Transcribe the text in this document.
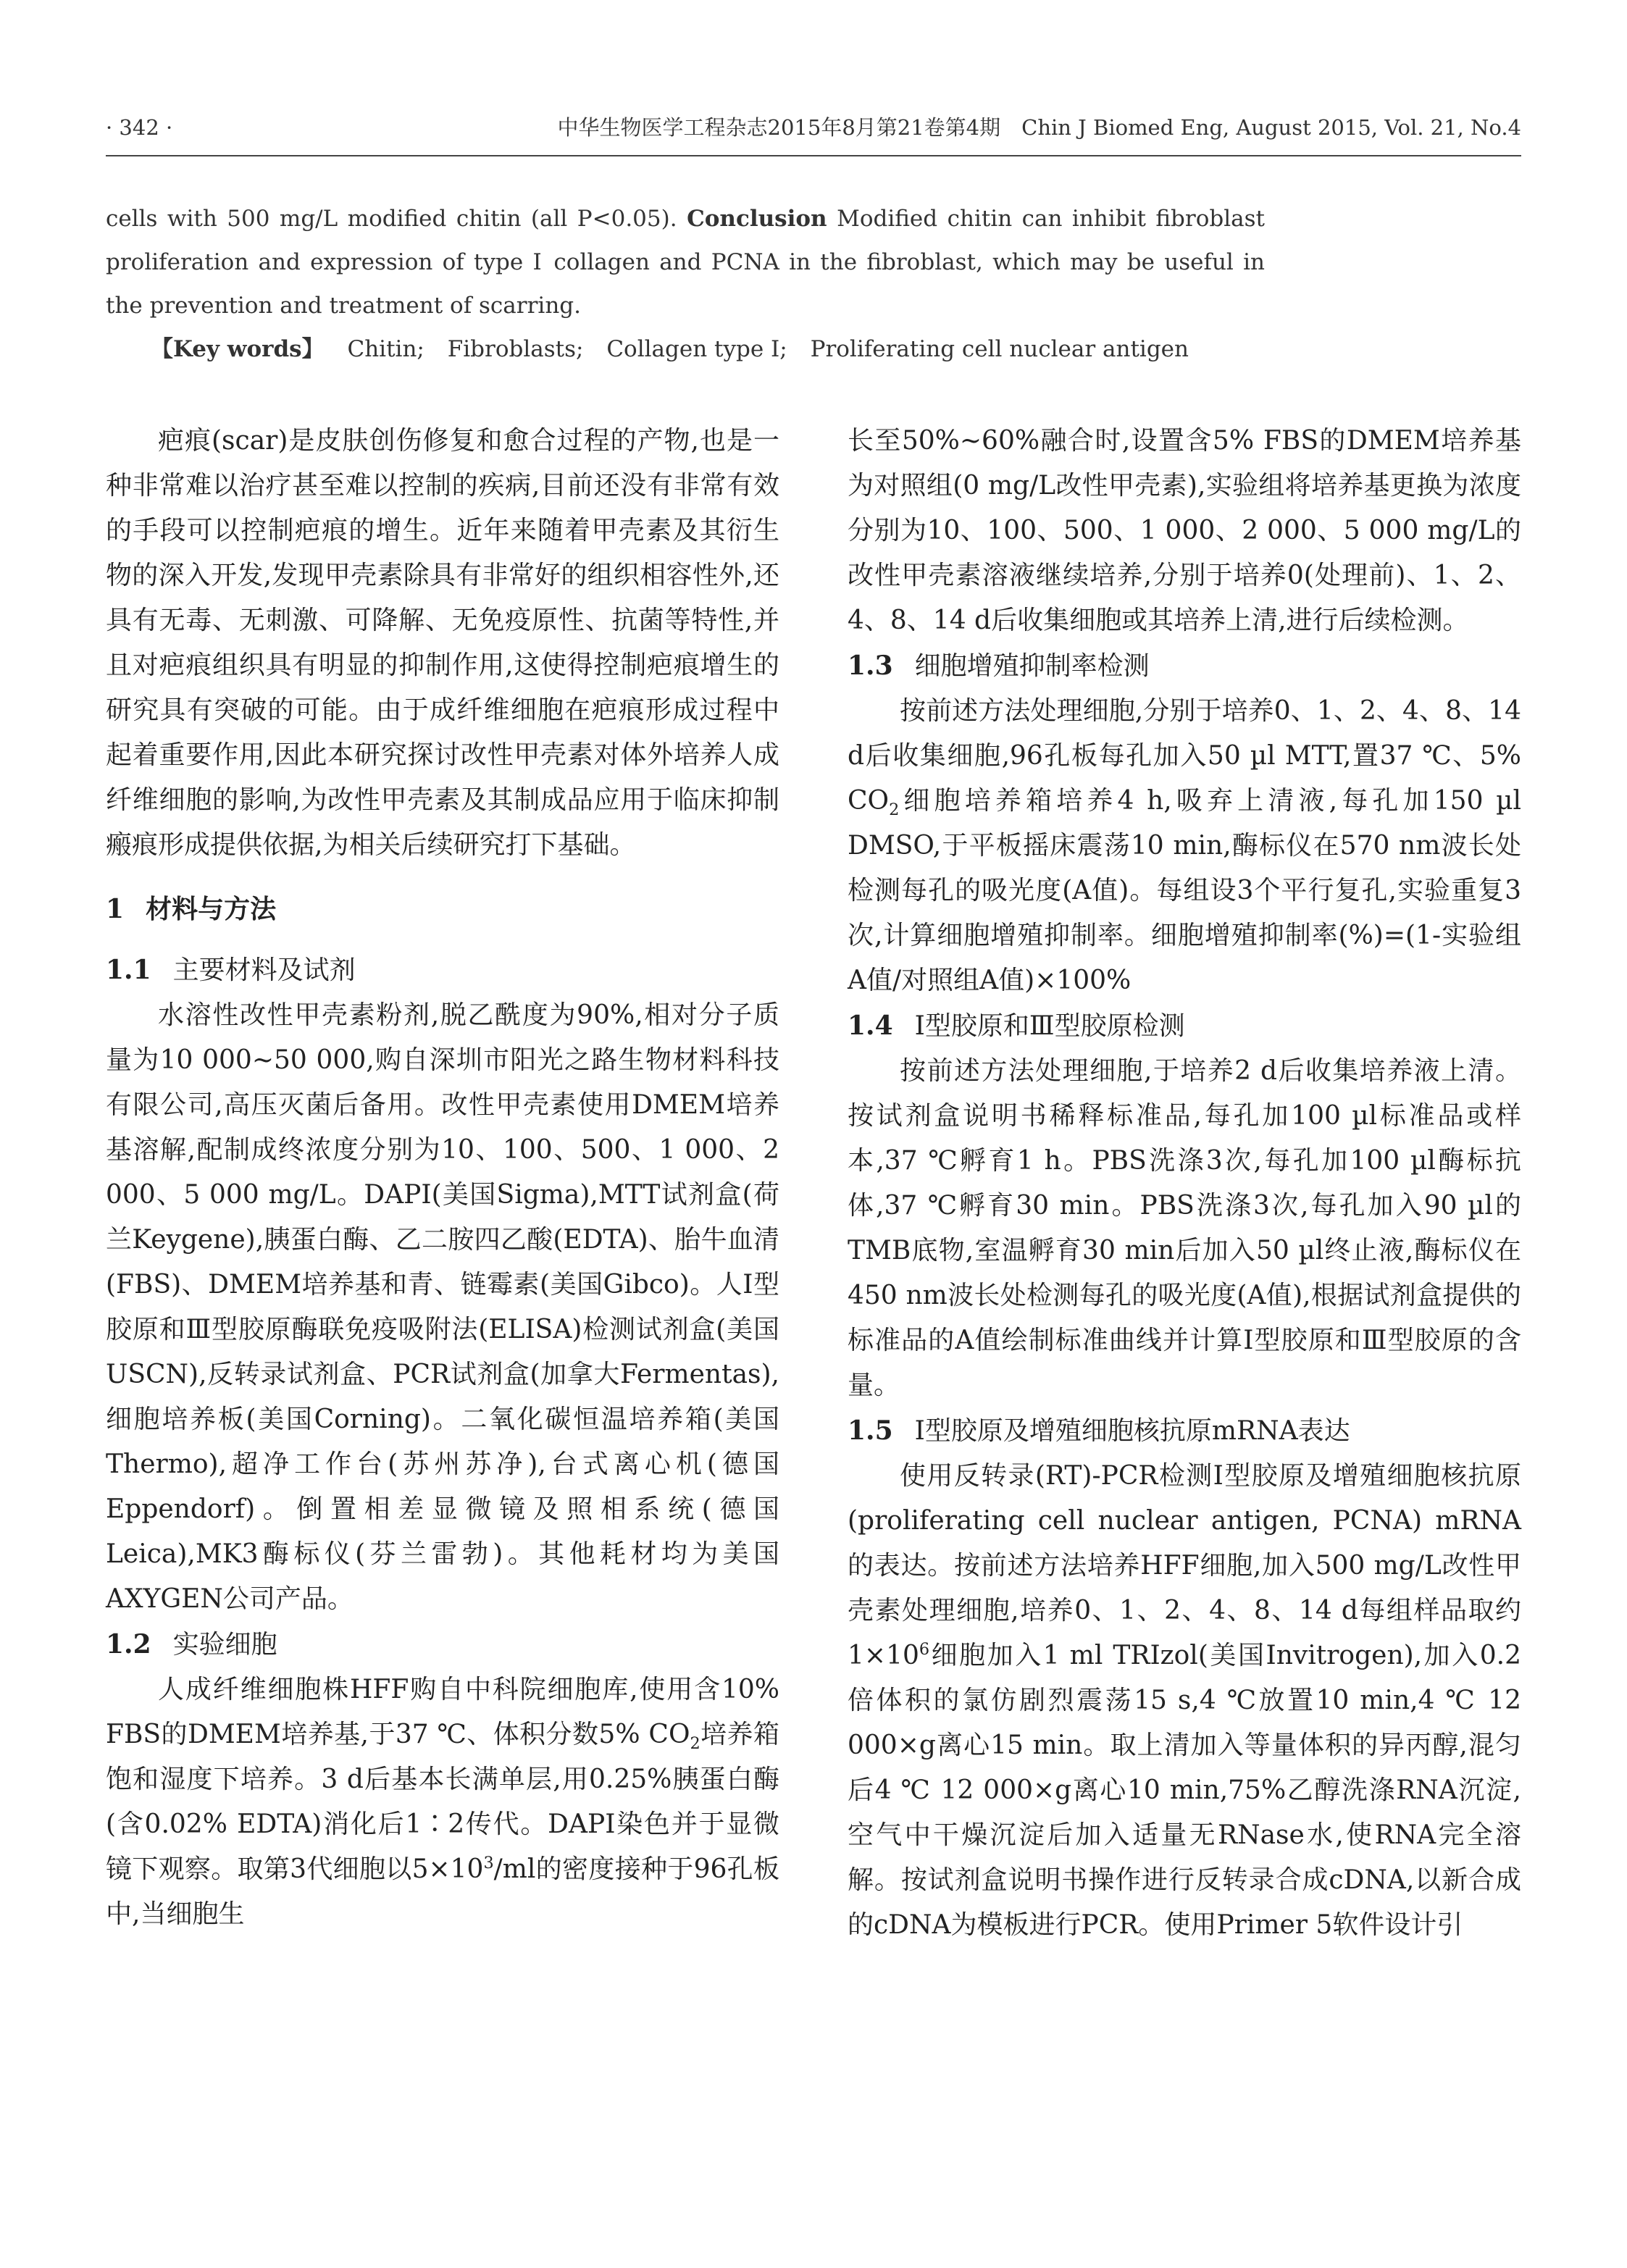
· 342 ·	中华生物医学工程杂志2015年8月第21卷第4期　Chin J Biomed Eng, August 2015, Vol. 21, No.4

cells with 500 mg/L modified chitin (all P<0.05). Conclusion Modified chitin can inhibit fibroblast proliferation and expression of type Ⅰ collagen and PCNA in the fibroblast, which may be useful in the prevention and treatment of scarring.

【Key words】 Chitin; Fibroblasts; Collagen type Ⅰ; Proliferating cell nuclear antigen

疤痕(scar)是皮肤创伤修复和愈合过程的产物,也是一种非常难以治疗甚至难以控制的疾病,目前还没有非常有效的手段可以控制疤痕的增生。近年来随着甲壳素及其衍生物的深入开发,发现甲壳素除具有非常好的组织相容性外,还具有无毒、无刺激、可降解、无免疫原性、抗菌等特性,并且对疤痕组织具有明显的抑制作用,这使得控制疤痕增生的研究具有突破的可能。由于成纤维细胞在疤痕形成过程中起着重要作用,因此本研究探讨改性甲壳素对体外培养人成纤维细胞的影响,为改性甲壳素及其制成品应用于临床抑制瘢痕形成提供依据,为相关后续研究打下基础。

1 材料与方法
1.1 主要材料及试剂

水溶性改性甲壳素粉剂,脱乙酰度为90%,相对分子质量为10 000~50 000,购自深圳市阳光之路生物材料科技有限公司,高压灭菌后备用。改性甲壳素使用DMEM培养基溶解,配制成终浓度分别为10、100、500、1 000、2 000、5 000 mg/L。DAPI(美国Sigma),MTT试剂盒(荷兰Keygene),胰蛋白酶、乙二胺四乙酸(EDTA)、胎牛血清(FBS)、DMEM培养基和青、链霉素(美国Gibco)。人Ⅰ型胶原和Ⅲ型胶原酶联免疫吸附法(ELISA)检测试剂盒(美国USCN),反转录试剂盒、PCR试剂盒(加拿大Fermentas),细胞培养板(美国Corning)。二氧化碳恒温培养箱(美国Thermo),超净工作台(苏州苏净),台式离心机(德国Eppendorf)。倒置相差显微镜及照相系统(德国Leica),MK3酶标仪(芬兰雷勃)。其他耗材均为美国AXYGEN公司产品。

1.2 实验细胞

人成纤维细胞株HFF购自中科院细胞库,使用含10% FBS的DMEM培养基,于37 ℃、体积分数5% $CO_2$培养箱饱和湿度下培养。3 d后基本长满单层,用0.25%胰蛋白酶(含0.02% EDTA)消化后1∶2传代。DAPI染色并于显微镜下观察。取第3代细胞以$5\times 10^3/ml$的密度接种于96孔板中,当细胞生

长至50%~60%融合时,设置含5% FBS的DMEM培养基为对照组(0 mg/L改性甲壳素),实验组将培养基更换为浓度分别为10、100、500、1 000、2 000、5 000 mg/L的改性甲壳素溶液继续培养,分别于培养0(处理前)、1、2、4、8、14 d后收集细胞或其培养上清,进行后续检测。

1.3 细胞增殖抑制率检测

按前述方法处理细胞,分别于培养0、1、2、4、8、14 d后收集细胞,96孔板每孔加入50 µl MTT,置37 ℃、5% $CO_2$细胞培养箱培养4 h,吸弃上清液,每孔加150 µl DMSO,于平板摇床震荡10 min,酶标仪在570 nm波长处检测每孔的吸光度(A值)。每组设3个平行复孔,实验重复3次,计算细胞增殖抑制率。细胞增殖抑制率(%)=(1-实验组A值/对照组A值)×100%

1.4 Ⅰ型胶原和Ⅲ型胶原检测

按前述方法处理细胞,于培养2 d后收集培养液上清。按试剂盒说明书稀释标准品,每孔加100 µl标准品或样本,37 ℃孵育1 h。PBS洗涤3次,每孔加100 µl酶标抗体,37 ℃孵育30 min。PBS洗涤3次,每孔加入90 µl的TMB底物,室温孵育30 min后加入50 µl终止液,酶标仪在450 nm波长处检测每孔的吸光度(A值),根据试剂盒提供的标准品的A值绘制标准曲线并计算Ⅰ型胶原和Ⅲ型胶原的含量。

1.5 Ⅰ型胶原及增殖细胞核抗原mRNA表达

使用反转录(RT)-PCR检测Ⅰ型胶原及增殖细胞核抗原(proliferating cell nuclear antigen, PCNA) mRNA的表达。按前述方法培养HFF细胞,加入500 mg/L改性甲壳素处理细胞,培养0、1、2、4、8、14 d每组样品取约$1\times 10^6$细胞加入1 ml TRIzol(美国Invitrogen),加入0.2倍体积的氯仿剧烈震荡15 s,4 ℃放置10 min,4 ℃ 12 000×g离心15 min。取上清加入等量体积的异丙醇,混匀后4 ℃ 12 000×g离心10 min,75%乙醇洗涤RNA沉淀,空气中干燥沉淀后加入适量无RNase水,使RNA完全溶解。按试剂盒说明书操作进行反转录合成cDNA,以新合成的cDNA为模板进行PCR。使用Primer 5软件设计引
